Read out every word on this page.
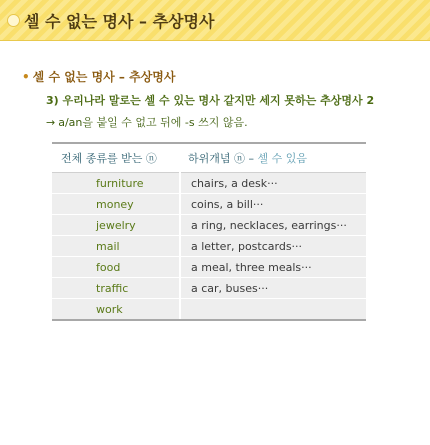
셀 수 없는 명사 – 추상명사
• 셀 수 없는 명사 – 추상명사
3) 우리나라 말로는 셀 수 있는 명사 같지만 세지 못하는 추상명사 2
→ a/an을 붙일 수 없고 뒤에 -s 쓰지 않음.
전체 종류를 받는 ⓝ	하위개념 ⓝ – 셀 수 있음
furniture	chairs, a desk···
money	coins, a bill···
jewelry	a ring, necklaces, earrings···
mail	a letter, postcards···
food	a meal, three meals···
traffic	a car, buses···
work	
